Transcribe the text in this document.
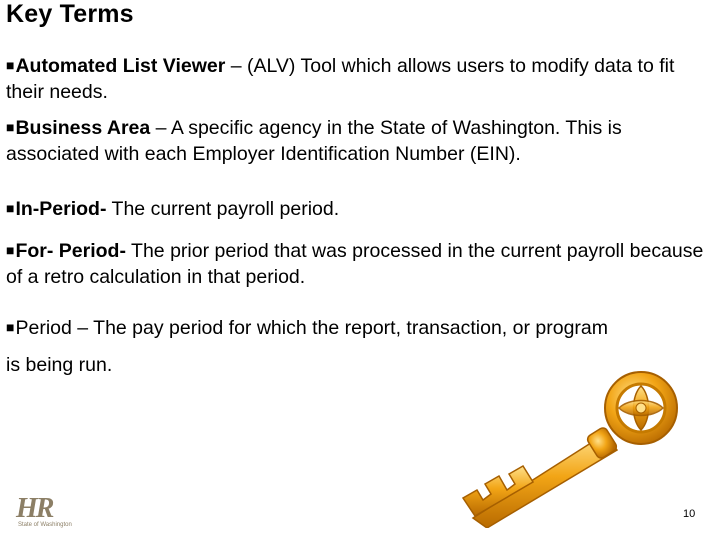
Key Terms
■Automated List Viewer – (ALV) Tool which allows users to modify data to fit their needs.
■Business Area – A specific agency in the State of Washington. This is associated with each Employer Identification Number (EIN).
■In-Period- The current payroll period.
■For- Period- The prior period that was processed in the current payroll because of a retro calculation in that period.
■Period – The pay period for which the report, transaction, or program
is being run.
HR
State of Washington
10
